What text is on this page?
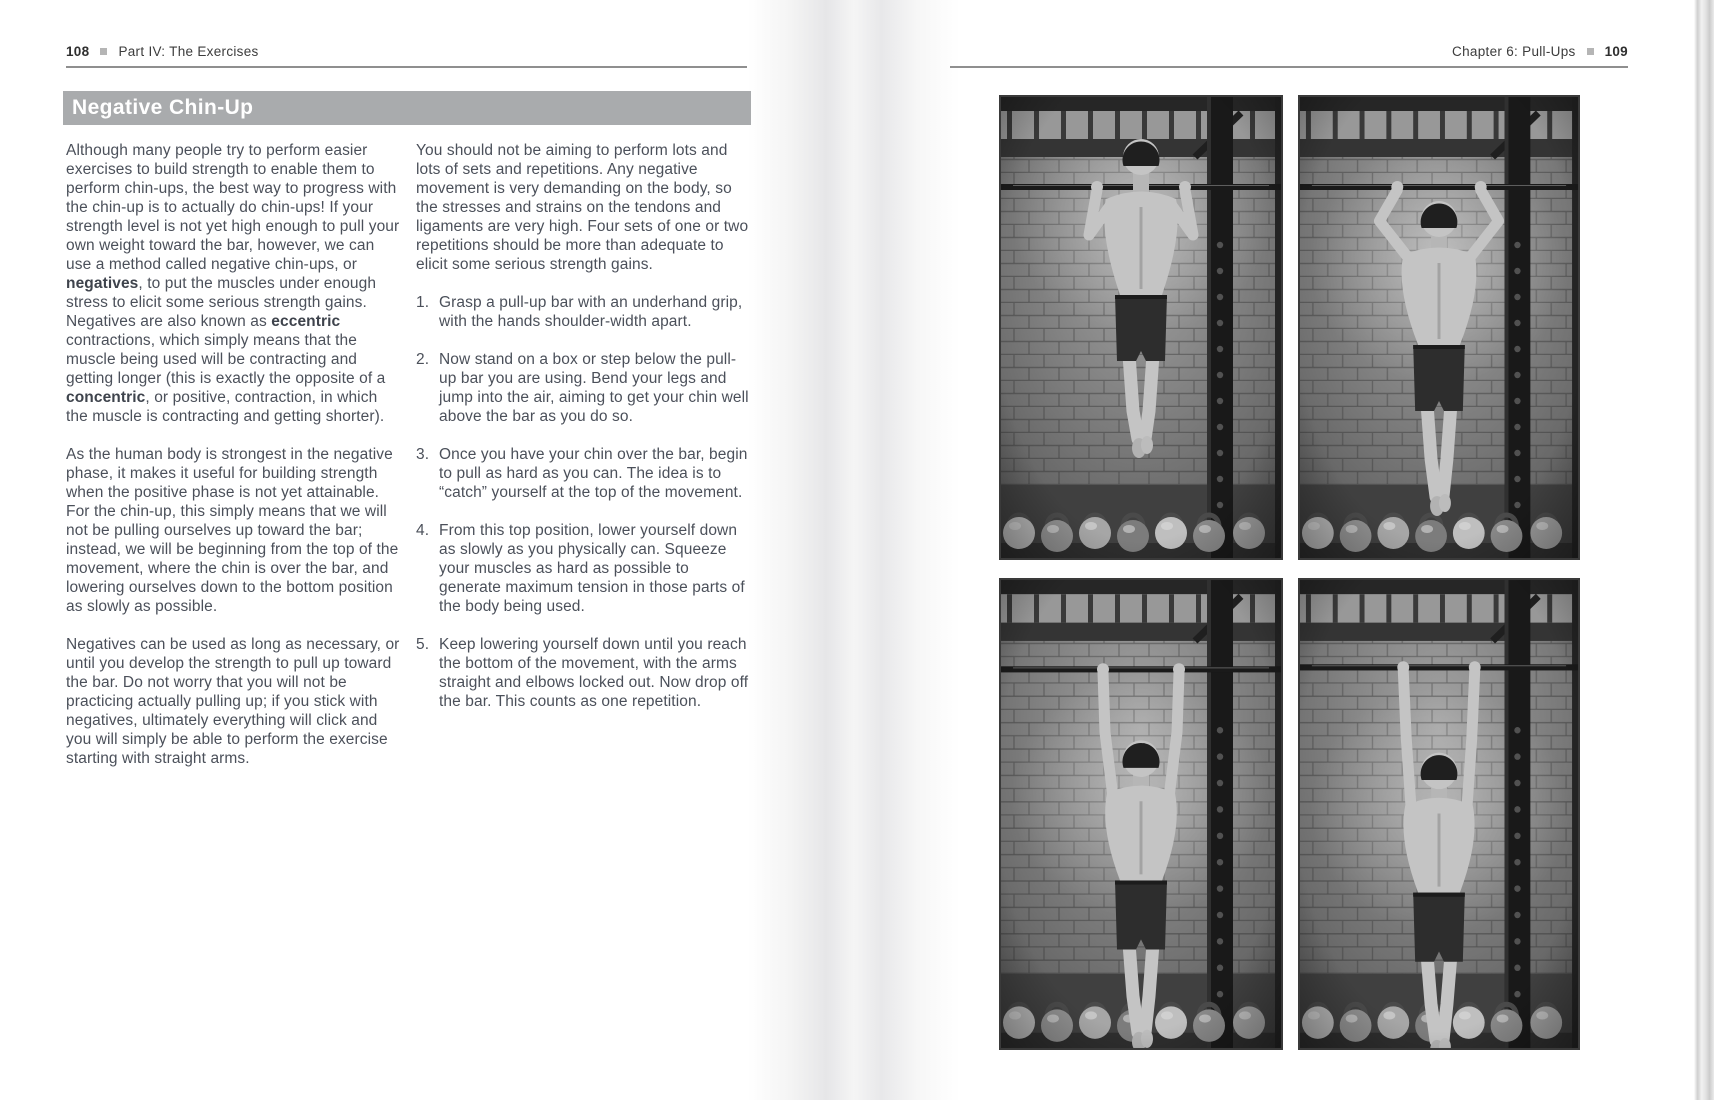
108 Part IV: The Exercises
Negative Chin-Up

Although many people try to perform easier exercises to build strength to enable them to perform chin-ups, the best way to progress with the chin-up is to actually do chin-ups! If your strength level is not yet high enough to pull your own weight toward the bar, however, we can use a method called negative chin-ups, or negatives, to put the muscles under enough stress to elicit some serious strength gains. Negatives are also known as eccentric contractions, which simply means that the muscle being used will be contracting and getting longer (this is exactly the opposite of a concentric, or positive, contraction, in which the muscle is contracting and getting shorter).

As the human body is strongest in the negative phase, it makes it useful for building strength when the positive phase is not yet attainable. For the chin-up, this simply means that we will not be pulling ourselves up toward the bar; instead, we will be beginning from the top of the movement, where the chin is over the bar, and lowering ourselves down to the bottom position as slowly as possible.

Negatives can be used as long as necessary, or until you develop the strength to pull up toward the bar. Do not worry that you will not be practicing actually pulling up; if you stick with negatives, ultimately everything will click and you will simply be able to perform the exercise starting with straight arms.

You should not be aiming to perform lots and lots of sets and repetitions. Any negative movement is very demanding on the body, so the stresses and strains on the tendons and ligaments are very high. Four sets of one or two repetitions should be more than adequate to elicit some serious strength gains.

1. Grasp a pull-up bar with an underhand grip, with the hands shoulder-width apart.
2. Now stand on a box or step below the pull-up bar you are using. Bend your legs and jump into the air, aiming to get your chin well above the bar as you do so.
3. Once you have your chin over the bar, begin to pull as hard as you can. The idea is to “catch” yourself at the top of the movement.
4. From this top position, lower yourself down as slowly as you physically can. Squeeze your muscles as hard as possible to generate maximum tension in those parts of the body being used.
5. Keep lowering yourself down until you reach the bottom of the movement, with the arms straight and elbows locked out. Now drop off the bar. This counts as one repetition.
Chapter 6: Pull-Ups 109
